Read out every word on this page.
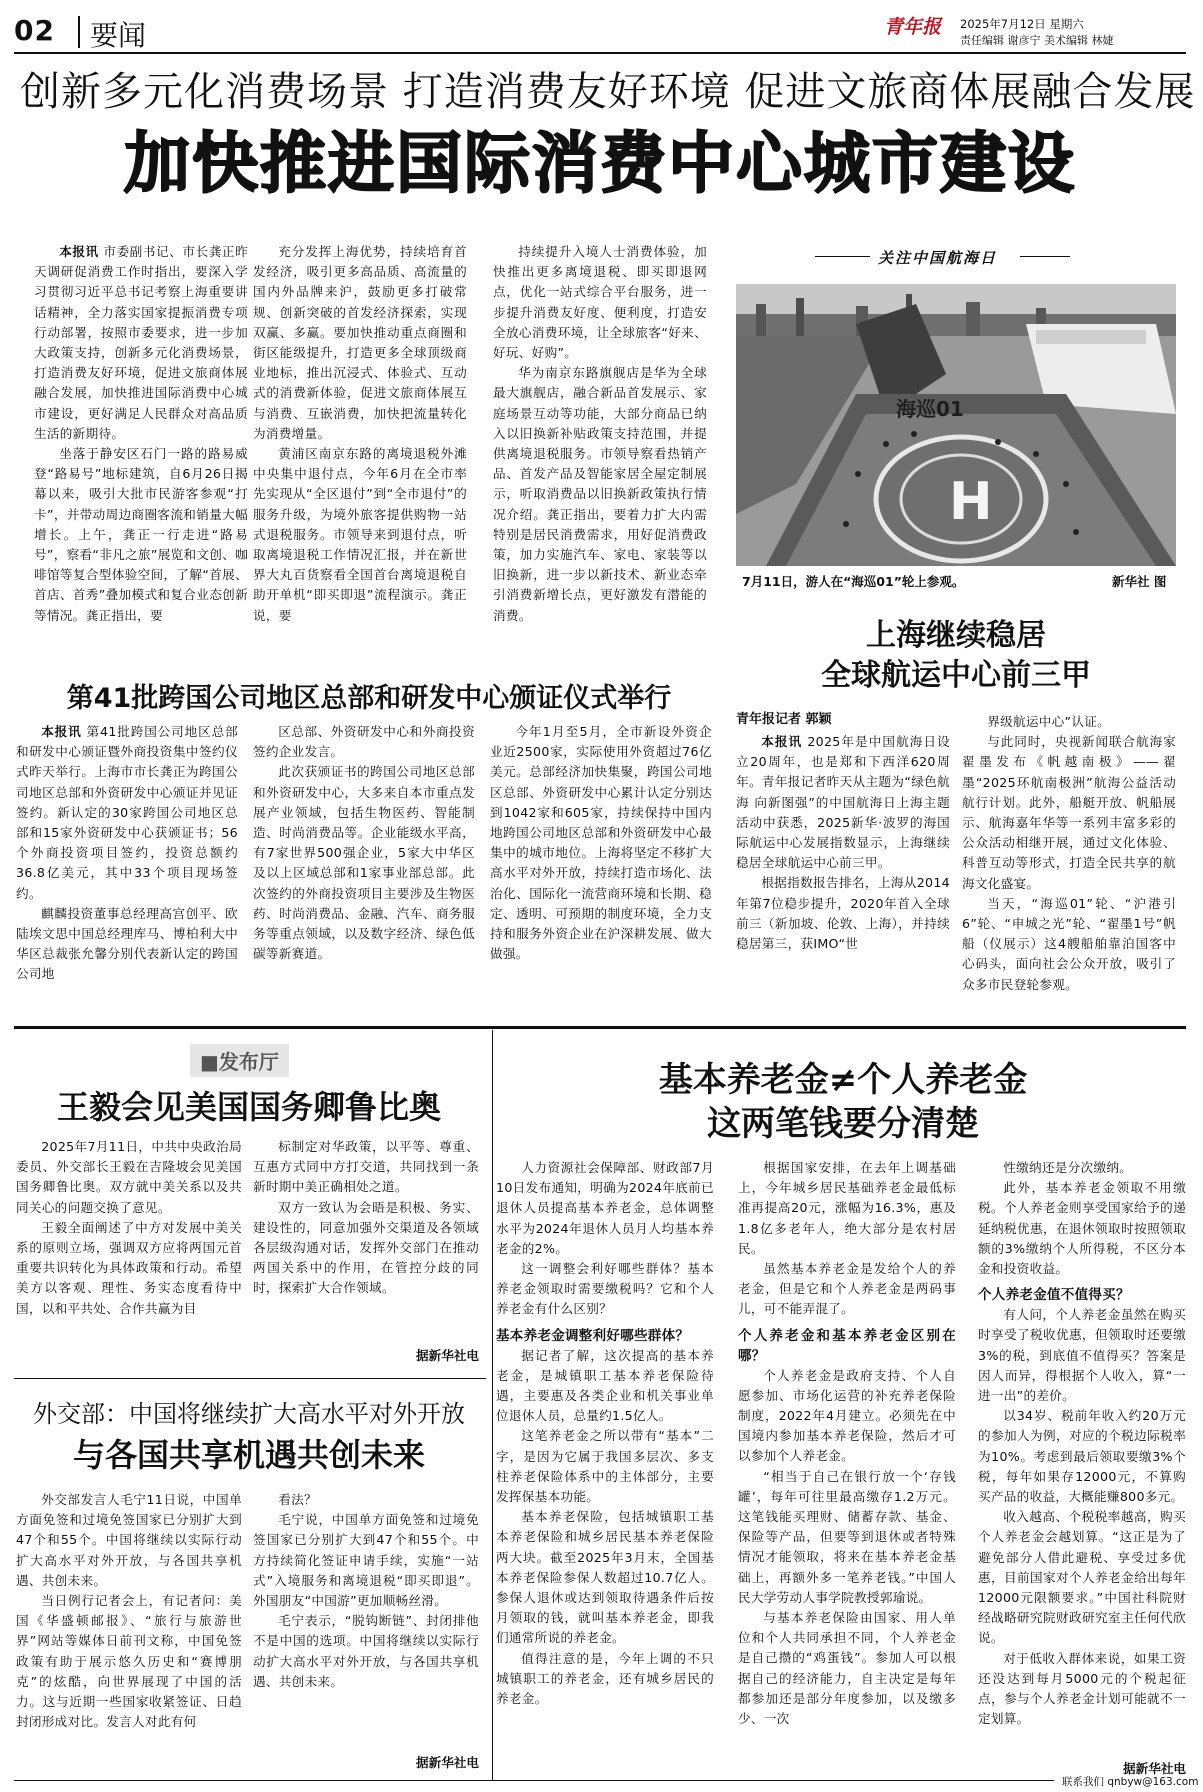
02 要闻	青年报 2025年7月12日 星期六
责任编辑 谢彦宁 美术编辑 林婕
创新多元化消费场景 打造消费友好环境 促进文旅商体展融合发展
加快推进国际消费中心城市建设

本报讯 市委副书记、市长龚正昨天调研促消费工作时指出，要深入学习贯彻习近平总书记考察上海重要讲话精神，全力落实国家提振消费专项行动部署，按照市委要求，进一步加大政策支持，创新多元化消费场景，打造消费友好环境，促进文旅商体展融合发展，加快推进国际消费中心城市建设，更好满足人民群众对高品质生活的新期待。

坐落于静安区石门一路的路易威登“路易号”地标建筑，自6月26日揭幕以来，吸引大批市民游客参观“打卡”，并带动周边商圈客流和销量大幅增长。上午，龚正一行走进“路易号”，察看“非凡之旅”展览和文创、咖啡馆等复合型体验空间，了解“首展、首店、首秀”叠加模式和复合业态创新等情况。龚正指出，要

充分发挥上海优势，持续培育首发经济，吸引更多高品质、高流量的国内外品牌来沪，鼓励更多打破常规、创新突破的首发经济探索，实现双赢、多赢。要加快推动重点商圈和街区能级提升，打造更多全球顶级商业地标，推出沉浸式、体验式、互动式的消费新体验，促进文旅商体展互与消费、互嵌消费，加快把流量转化为消费增量。

黄浦区南京东路的离境退税外滩中央集中退付点，今年6月在全市率先实现从“全区退付”到“全市退付”的服务升级，为境外旅客提供购物一站式退税服务。市领导来到退付点，听取离境退税工作情况汇报，并在新世界大丸百货察看全国首台离境退税自助开单机“即买即退”流程演示。龚正说，要

持续提升入境人士消费体验，加快推出更多离境退税、即买即退网点，优化一站式综合平台服务，进一步提升消费友好度、便利度，打造安全放心消费环境，让全球旅客“好来、好玩、好购”。

华为南京东路旗舰店是华为全球最大旗舰店，融合新品首发展示、家庭场景互动等功能，大部分商品已纳入以旧换新补贴政策支持范围，并提供离境退税服务。市领导察看热销产品、首发产品及智能家居全屋定制展示，听取消费品以旧换新政策执行情况介绍。龚正指出，要着力扩大内需特别是居民消费需求，用好促消费政策，加力实施汽车、家电、家装等以旧换新，进一步以新技术、新业态牵引消费新增长点，更好激发有潜能的消费。

关注中国航海日
H
海巡01
7月11日，游人在“海巡01”轮上参观。	新华社 图
第41批跨国公司地区总部和研发中心颁证仪式举行

本报讯 第41批跨国公司地区总部和研发中心颁证暨外商投资集中签约仪式昨天举行。上海市市长龚正为跨国公司地区总部和外资研发中心颁证并见证签约。新认定的30家跨国公司地区总部和15家外资研发中心获颁证书；56个外商投资项目签约，投资总额约36.8亿美元，其中33个项目现场签约。

麒麟投资董事总经理高宫创平、欧陆埃文思中国总经理库马、博柏利大中华区总裁张允馨分别代表新认定的跨国公司地

区总部、外资研发中心和外商投资签约企业发言。

此次获颁证书的跨国公司地区总部和外资研发中心，大多来自本市重点发展产业领域，包括生物医药、智能制造、时尚消费品等。企业能级水平高，有7家世界500强企业，5家大中华区及以上区域总部和1家事业部总部。此次签约的外商投资项目主要涉及生物医药、时尚消费品、金融、汽车、商务服务等重点领域，以及数字经济、绿色低碳等新赛道。

今年1月至5月，全市新设外资企业近2500家，实际使用外资超过76亿美元。总部经济加快集聚，跨国公司地区总部、外资研发中心累计认定分别达到1042家和605家，持续保持中国内地跨国公司地区总部和外资研发中心最集中的城市地位。上海将坚定不移扩大高水平对外开放，持续打造市场化、法治化、国际化一流营商环境和长期、稳定、透明、可预期的制度环境，全力支持和服务外资企业在沪深耕发展、做大做强。

上海继续稳居
全球航运中心前三甲
青年报记者 郭颖

本报讯 2025年是中国航海日设立20周年，也是郑和下西洋620周年。青年报记者昨天从主题为“绿色航海 向新图强”的中国航海日上海主题活动中获悉，2025新华·波罗的海国际航运中心发展指数显示，上海继续稳居全球航运中心前三甲。

根据指数报告排名，上海从2014年第7位稳步提升，2020年首入全球前三（新加坡、伦敦、上海），并持续稳居第三，获IMO“世

界级航运中心”认证。

与此同时，央视新闻联合航海家翟墨发布《帆越南极》——翟墨“2025环航南极洲”航海公益活动航行计划。此外，船艇开放、帆船展示、航海嘉年华等一系列丰富多彩的公众活动相继开展，通过文化体验、科普互动等形式，打造全民共享的航海文化盛宴。

当天，“海巡01”轮、“沪港引6”轮、“申城之光”轮、“翟墨1号”帆船（仪展示）这4艘船舶靠泊国客中心码头，面向社会公众开放，吸引了众多市民登轮参观。

■发布厅
王毅会见美国国务卿鲁比奥

2025年7月11日，中共中央政治局委员、外交部长王毅在吉隆坡会见美国国务卿鲁比奥。双方就中美关系以及共同关心的问题交换了意见。

王毅全面阐述了中方对发展中美关系的原则立场，强调双方应将两国元首重要共识转化为具体政策和行动。希望美方以客观、理性、务实态度看待中国，以和平共处、合作共赢为目

标制定对华政策，以平等、尊重、互惠方式同中方打交道，共同找到一条新时期中美正确相处之道。

双方一致认为会晤是积极、务实、建设性的，同意加强外交渠道及各领域各层级沟通对话，发挥外交部门在推动两国关系中的作用，在管控分歧的同时，探索扩大合作领域。

据新华社电
外交部：中国将继续扩大高水平对外开放
与各国共享机遇共创未来

外交部发言人毛宁11日说，中国单方面免签和过境免签国家已分别扩大到47个和55个。中国将继续以实际行动扩大高水平对外开放，与各国共享机遇、共创未来。

当日例行记者会上，有记者问：美国《华盛顿邮报》、“旅行与旅游世界”网站等媒体日前刊文称，中国免签政策有助于展示悠久历史和“赛博朋克”的炫酷，向世界展现了中国的活力。这与近期一些国家收紧签证、日趋封闭形成对比。发言人对此有何

看法？

毛宁说，中国单方面免签和过境免签国家已分别扩大到47个和55个。中方持续简化签证申请手续，实施“一站式”入境服务和离境退税“即买即退”。外国朋友“中国游”更加顺畅丝滑。

毛宁表示，“脱钩断链”、封闭排他不是中国的选项。中国将继续以实际行动扩大高水平对外开放，与各国共享机遇、共创未来。

据新华社电
基本养老金≠个人养老金
这两笔钱要分清楚

人力资源社会保障部、财政部7月10日发布通知，明确为2024年底前已退休人员提高基本养老金，总体调整水平为2024年退休人员月人均基本养老金的2%。

这一调整会利好哪些群体？基本养老金领取时需要缴税吗？它和个人养老金有什么区别？

基本养老金调整利好哪些群体？

据记者了解，这次提高的基本养老金，是城镇职工基本养老保险待遇，主要惠及各类企业和机关事业单位退休人员，总量约1.5亿人。

这笔养老金之所以带有“基本”二字，是因为它属于我国多层次、多支柱养老保险体系中的主体部分，主要发挥保基本功能。

基本养老保险，包括城镇职工基本养老保险和城乡居民基本养老保险两大块。截至2025年3月末，全国基本养老保险参保人数超过10.7亿人。参保人退休或达到领取待遇条件后按月领取的钱，就叫基本养老金，即我们通常所说的养老金。

值得注意的是，今年上调的不只城镇职工的养老金，还有城乡居民的养老金。

根据国家安排，在去年上调基础上，今年城乡居民基础养老金最低标准再提高20元，涨幅为16.3%，惠及1.8亿多老年人，绝大部分是农村居民。

虽然基本养老金是发给个人的养老金，但是它和个人养老金是两码事儿，可不能弄混了。

个人养老金和基本养老金区别在哪？

个人养老金是政府支持、个人自愿参加、市场化运营的补充养老保险制度，2022年4月建立。必须先在中国境内参加基本养老保险，然后才可以参加个人养老金。

“相当于自己在银行放一个‘存钱罐’，每年可往里最高缴存1.2万元。这笔钱能买理财、储蓄存款、基金、保险等产品，但要等到退休或者特殊情况才能领取，将来在基本养老金基础上，再额外多一笔养老钱。”中国人民大学劳动人事学院教授郭瑜说。

与基本养老保险由国家、用人单位和个人共同承担不同，个人养老金是自己攒的“鸡蛋钱”。参加人可以根据自己的经济能力，自主决定是每年都参加还是部分年度参加，以及缴多少、一次

性缴纳还是分次缴纳。

此外，基本养老金领取不用缴税。个人养老金则享受国家给予的递延纳税优惠，在退休领取时按照领取额的3%缴纳个人所得税，不区分本金和投资收益。

个人养老金值不值得买？

有人问，个人养老金虽然在购买时享受了税收优惠，但领取时还要缴3%的税，到底值不值得买？答案是因人而异，得根据个人收入，算“一进一出”的差价。

以34岁、税前年收入约20万元的参加人为例，对应的个税边际税率为10%。考虑到最后领取要缴3%个税，每年如果存12000元，不算购买产品的收益，大概能赚800多元。

收入越高、个税税率越高，购买个人养老金会越划算。“这正是为了避免部分人借此避税、享受过多优惠，目前国家对个人养老金给出每年12000元限额要求。”中国社科院财经战略研究院财政研究室主任何代欣说。

对于低收入群体来说，如果工资还没达到每月5000元的个税起征点，参与个人养老金计划可能就不一定划算。

据新华社电
联系我们 qnbyw@163.com
